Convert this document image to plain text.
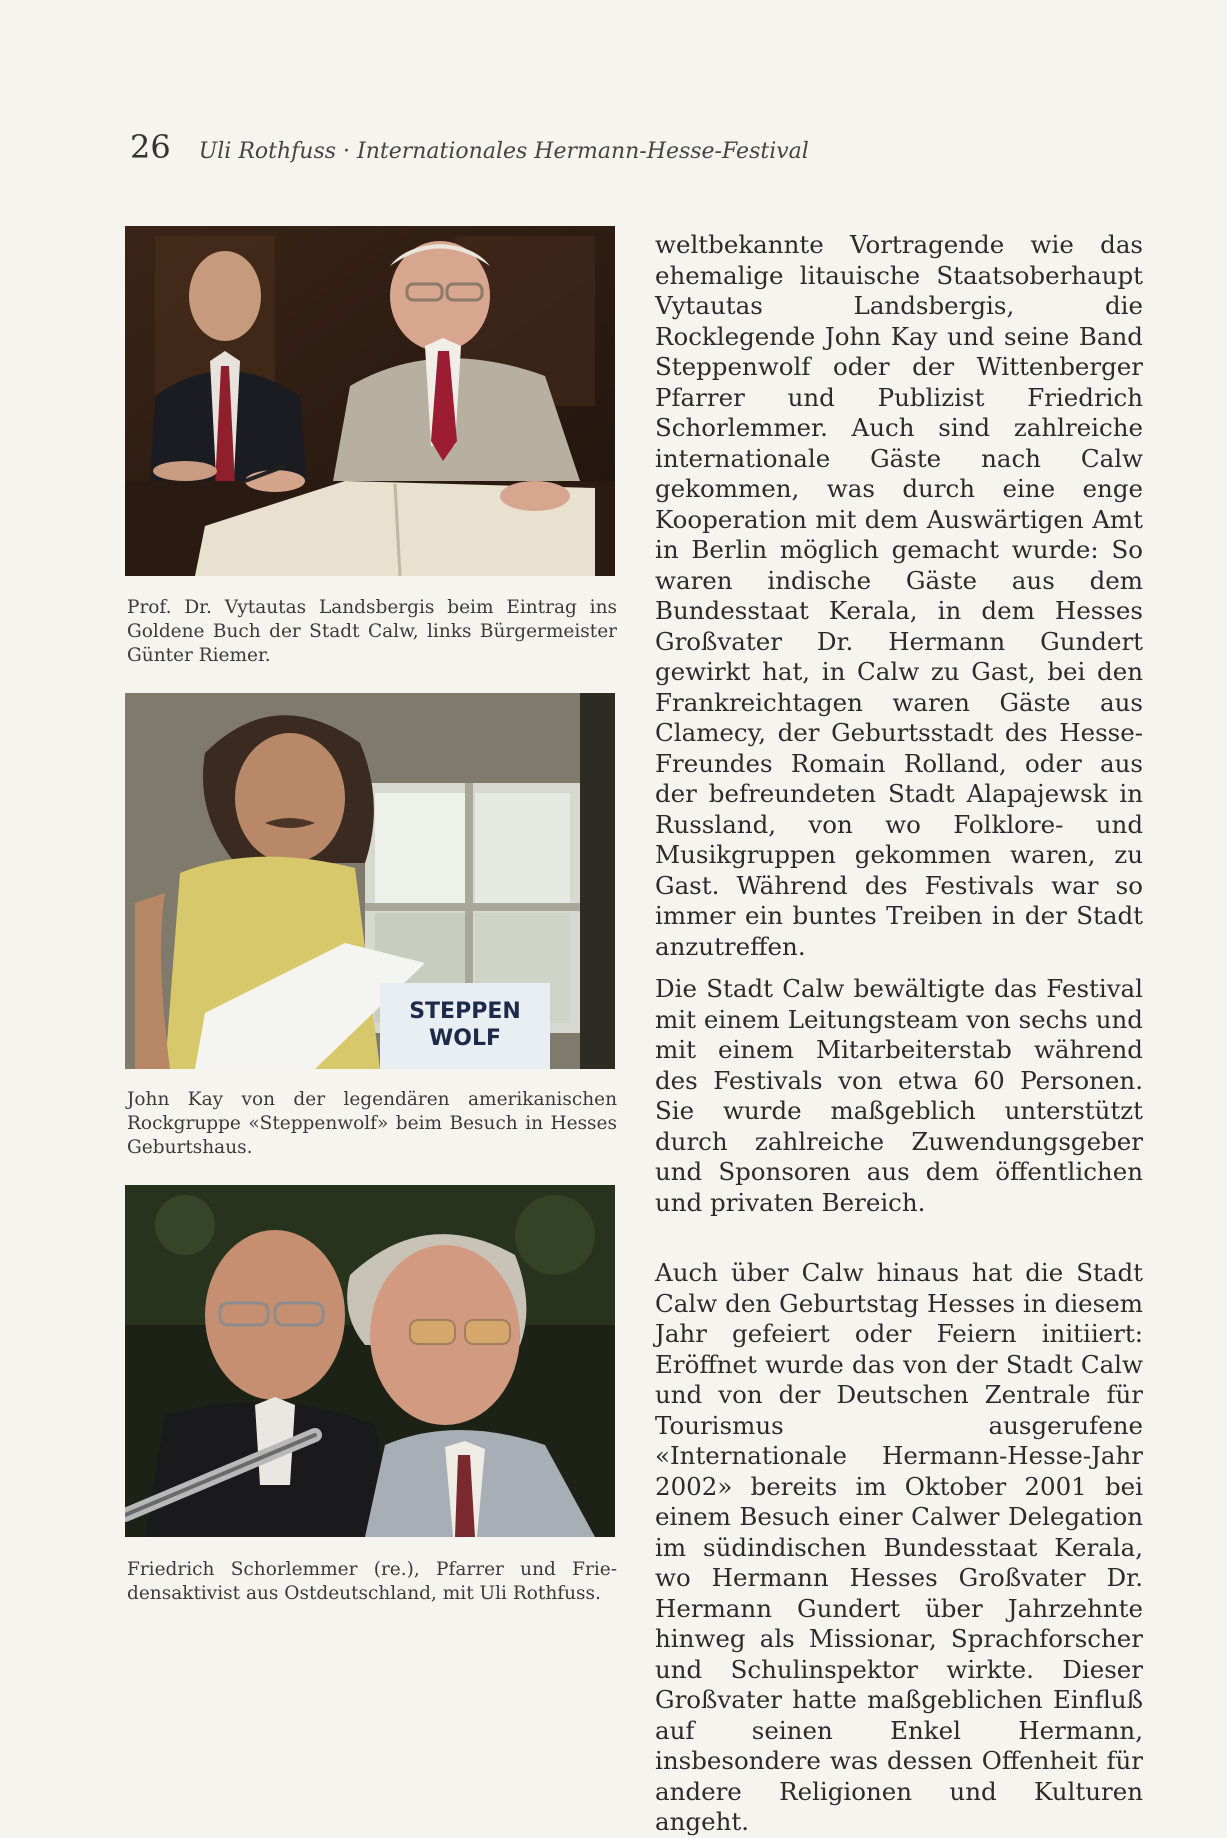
26 Uli Rothfuss · Internationales Hermann-Hesse-Festival
Prof. Dr. Vytautas Landsbergis beim Eintrag ins Goldene Buch der Stadt Calw, links Bürgermeister Günter Riemer.
STEPPEN
WOLF
John Kay von der legendären amerikanischen Rockgruppe «Steppenwolf» beim Besuch in Hesses Geburtshaus.
Friedrich Schorlemmer (re.), Pfarrer und Friedensaktivist aus Ostdeutschland, mit Uli Rothfuss.

weltbekannte Vortragende wie das ehemalige litauische Staatsoberhaupt Vytautas Landsbergis, die Rocklegende John Kay und seine Band Steppenwolf oder der Wittenberger Pfarrer und Publizist Friedrich Schorlemmer. Auch sind zahlreiche internationale Gäste nach Calw gekommen, was durch eine enge Kooperation mit dem Auswärtigen Amt in Berlin möglich gemacht wurde: So waren indische Gäste aus dem Bundesstaat Kerala, in dem Hesses Großvater Dr. Hermann Gundert gewirkt hat, in Calw zu Gast, bei den Frankreichtagen waren Gäste aus Clamecy, der Geburtsstadt des Hesse-Freundes Romain Rolland, oder aus der befreundeten Stadt Alapajewsk in Russland, von wo Folklore- und Musikgruppen gekommen waren, zu Gast. Während des Festivals war so immer ein buntes Treiben in der Stadt anzutreffen.

Die Stadt Calw bewältigte das Festival mit einem Leitungsteam von sechs und mit einem Mitarbeiterstab während des Festivals von etwa 60 Personen. Sie wurde maßgeblich unterstützt durch zahlreiche Zuwendungsgeber und Sponsoren aus dem öffentlichen und privaten Bereich.

Auch über Calw hinaus hat die Stadt Calw den Geburtstag Hesses in diesem Jahr gefeiert oder Feiern initiiert: Eröffnet wurde das von der Stadt Calw und von der Deutschen Zentrale für Tourismus ausgerufene «Internationale Hermann-Hesse-Jahr 2002» bereits im Oktober 2001 bei einem Besuch einer Calwer Delegation im südindischen Bundesstaat Kerala, wo Hermann Hesses Großvater Dr. Hermann Gundert über Jahrzehnte hinweg als Missionar, Sprachforscher und Schulinspektor wirkte. Dieser Großvater hatte maßgeblichen Einfluß auf seinen Enkel Hermann, insbesondere was dessen Offenheit für andere Religionen und Kulturen angeht.
